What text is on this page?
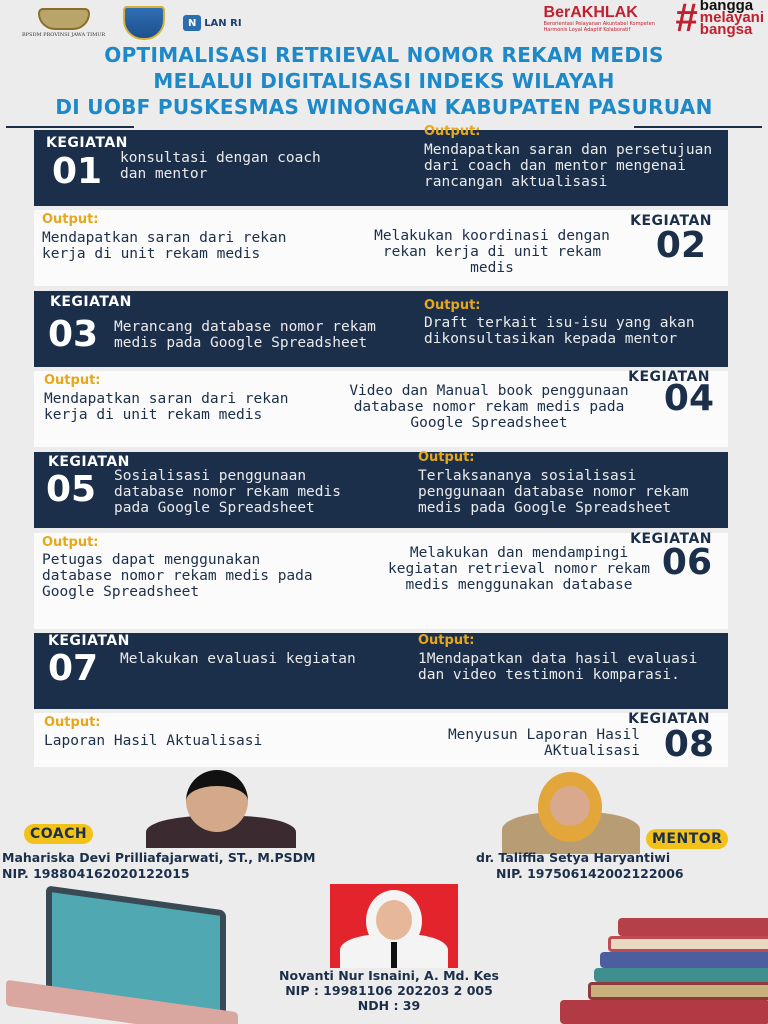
BPSDM PROVINSI JAWA TIMUR
N LAN RI
BerAKHLAK
Berorientasi Pelayanan Akuntabel Kompeten Harmonis Loyal Adaptif Kolaboratif	# bangga
melayani
bangsa
OPTIMALISASI RETRIEVAL NOMOR REKAM MEDIS
MELALUI DIGITALISASI INDEKS WILAYAH
DI UOBF PUSKESMAS WINONGAN KABUPATEN PASURUAN
KEGIATAN
01 konsultasi dengan coach dan mentor
Output:
Mendapatkan saran dan persetujuan dari coach dan mentor mengenai rancangan aktualisasi
Output:
Mendapatkan saran dari rekan kerja di unit rekam medis
KEGIATAN
02
Melakukan koordinasi dengan rekan kerja di unit rekam medis
KEGIATAN
03 Merancang database nomor rekam medis pada Google Spreadsheet
Output:
Draft terkait isu-isu yang akan dikonsultasikan kepada mentor
Output:
Mendapatkan saran dari rekan kerja di unit rekam medis
KEGIATAN
04
Video dan Manual book penggunaan database nomor rekam medis pada Google Spreadsheet
KEGIATAN
05 Sosialisasi penggunaan database nomor rekam medis pada Google Spreadsheet
Output:
Terlaksananya sosialisasi penggunaan database nomor rekam medis pada Google Spreadsheet
Output:
Petugas dapat menggunakan database nomor rekam medis pada Google Spreadsheet
KEGIATAN
06
Melakukan dan mendampingi kegiatan retrieval nomor rekam medis menggunakan database
KEGIATAN
07 Melakukan evaluasi kegiatan
Output:
1Mendapatkan data hasil evaluasi dan video testimoni komparasi.
Output:
Laporan Hasil Aktualisasi
KEGIATAN
08
Menyusun Laporan Hasil AKtualisasi
COACH
Mahariska Devi Prilliafajarwati, ST., M.PSDM
NIP. 198804162020122015
MENTOR
dr. Taliffia Setya Haryantiwi
NIP. 197506142002122006
Novanti Nur Isnaini, A. Md. Kes
NIP : 19981106 202203 2 005
NDH : 39
